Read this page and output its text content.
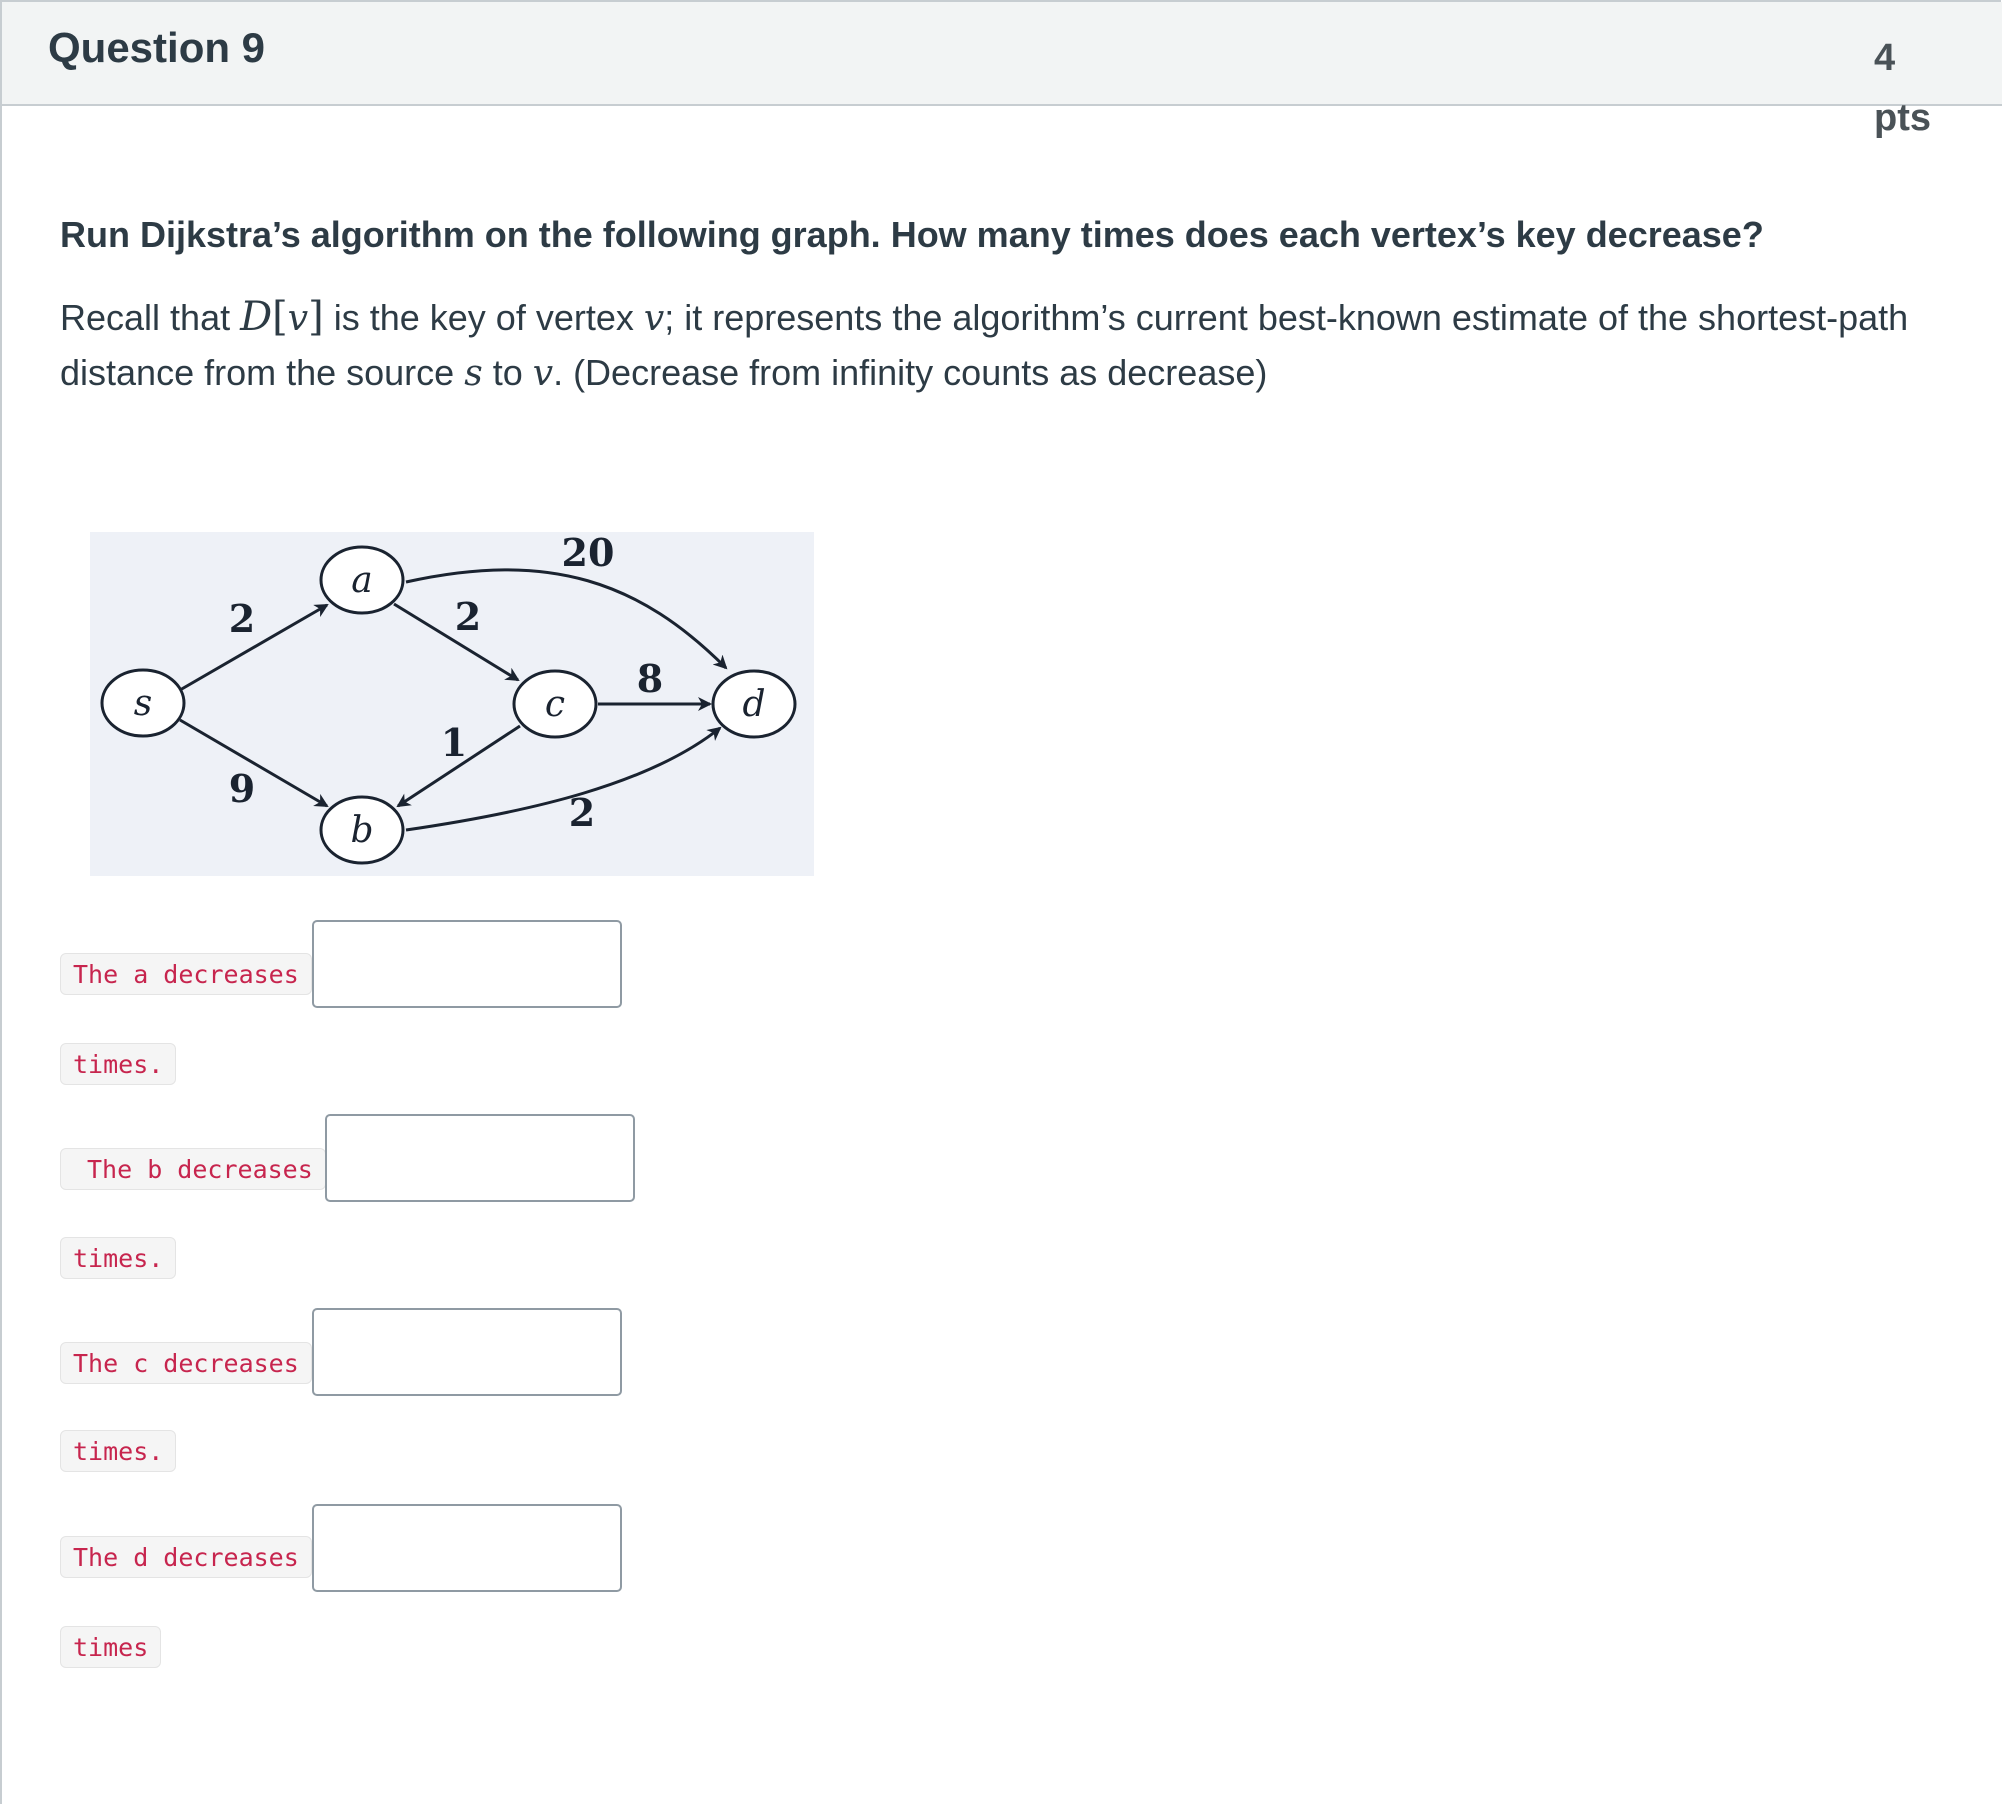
Question 9	4
pts
Run Dijkstra’s algorithm on the following graph. How many times does each vertex’s key decrease?
Recall that D[v] is the key of vertex v; it represents the algorithm’s current best-known estimate of the shortest-path distance from the source s to v. (Decrease from infinity counts as decrease)
s
a
b
c	d
2
9
2
20
1
8
2
The a decreases
times.
The b decreases
times.
The c decreases
times.
The d decreases
times
